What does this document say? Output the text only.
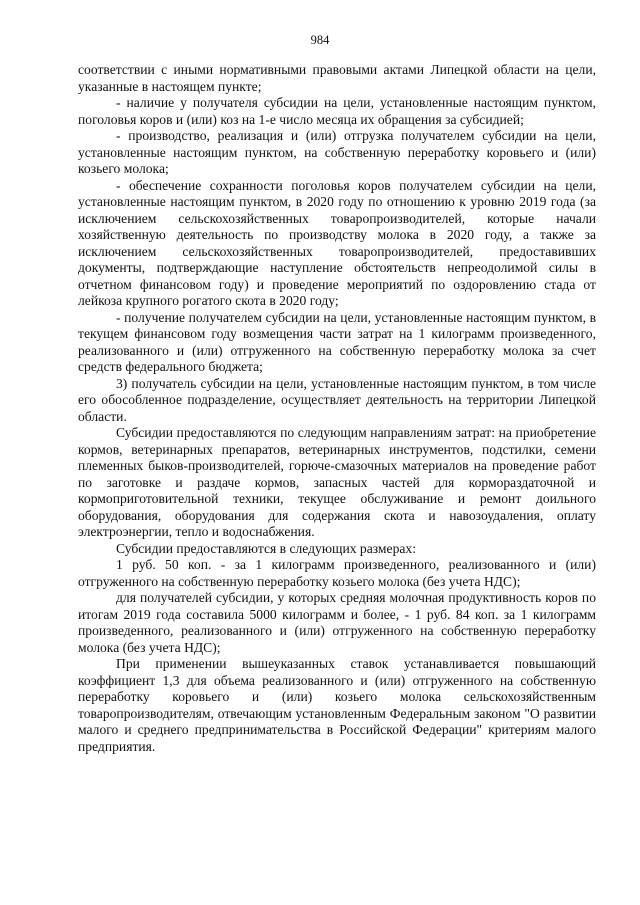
984

соответствии с иными нормативными правовыми актами Липецкой области на цели, указанные в настоящем пункте;

- наличие у получателя субсидии на цели, установленные настоящим пунктом, поголовья коров и (или) коз на 1-е число месяца их обращения за субсидией;

- производство, реализация и (или) отгрузка получателем субсидии на цели, установленные настоящим пунктом, на собственную переработку коровьего и (или) козьего молока;

- обеспечение сохранности поголовья коров получателем субсидии на цели, установленные настоящим пунктом, в 2020 году по отношению к уровню 2019 года (за исключением сельскохозяйственных товаропроизводителей, которые начали хозяйственную деятельность по производству молока в 2020 году, а также за исключением сельскохозяйственных товаропроизводителей, предоставивших документы, подтверждающие наступление обстоятельств непреодолимой силы в отчетном финансовом году) и проведение мероприятий по оздоровлению стада от лейкоза крупного рогатого скота в 2020 году;

- получение получателем субсидии на цели, установленные настоящим пунктом, в текущем финансовом году возмещения части затрат на 1 килограмм произведенного, реализованного и (или) отгруженного на собственную переработку молока за счет средств федерального бюджета;

3) получатель субсидии на цели, установленные настоящим пунктом, в том числе его обособленное подразделение, осуществляет деятельность на территории Липецкой области.

Субсидии предоставляются по следующим направлениям затрат: на приобретение кормов, ветеринарных препаратов, ветеринарных инструментов, подстилки, семени племенных быков-производителей, горюче-смазочных материалов на проведение работ по заготовке и раздаче кормов, запасных частей для кормораздаточной и кормоприготовительной техники, текущее обслуживание и ремонт доильного оборудования, оборудования для содержания скота и навозоудаления, оплату электроэнергии, тепло и водоснабжения.

Субсидии предоставляются в следующих размерах:

1 руб. 50 коп. - за 1 килограмм произведенного, реализованного и (или) отгруженного на собственную переработку козьего молока (без учета НДС);

для получателей субсидии, у которых средняя молочная продуктивность коров по итогам 2019 года составила 5000 килограмм и более, - 1 руб. 84 коп. за 1 килограмм произведенного, реализованного и (или) отгруженного на собственную переработку молока (без учета НДС);

При применении вышеуказанных ставок устанавливается повышающий коэффициент 1,3 для объема реализованного и (или) отгруженного на собственную переработку коровьего и (или) козьего молока сельскохозяйственным товаропроизводителям, отвечающим установленным Федеральным законом "О развитии малого и среднего предпринимательства в Российской Федерации" критериям малого предприятия.
